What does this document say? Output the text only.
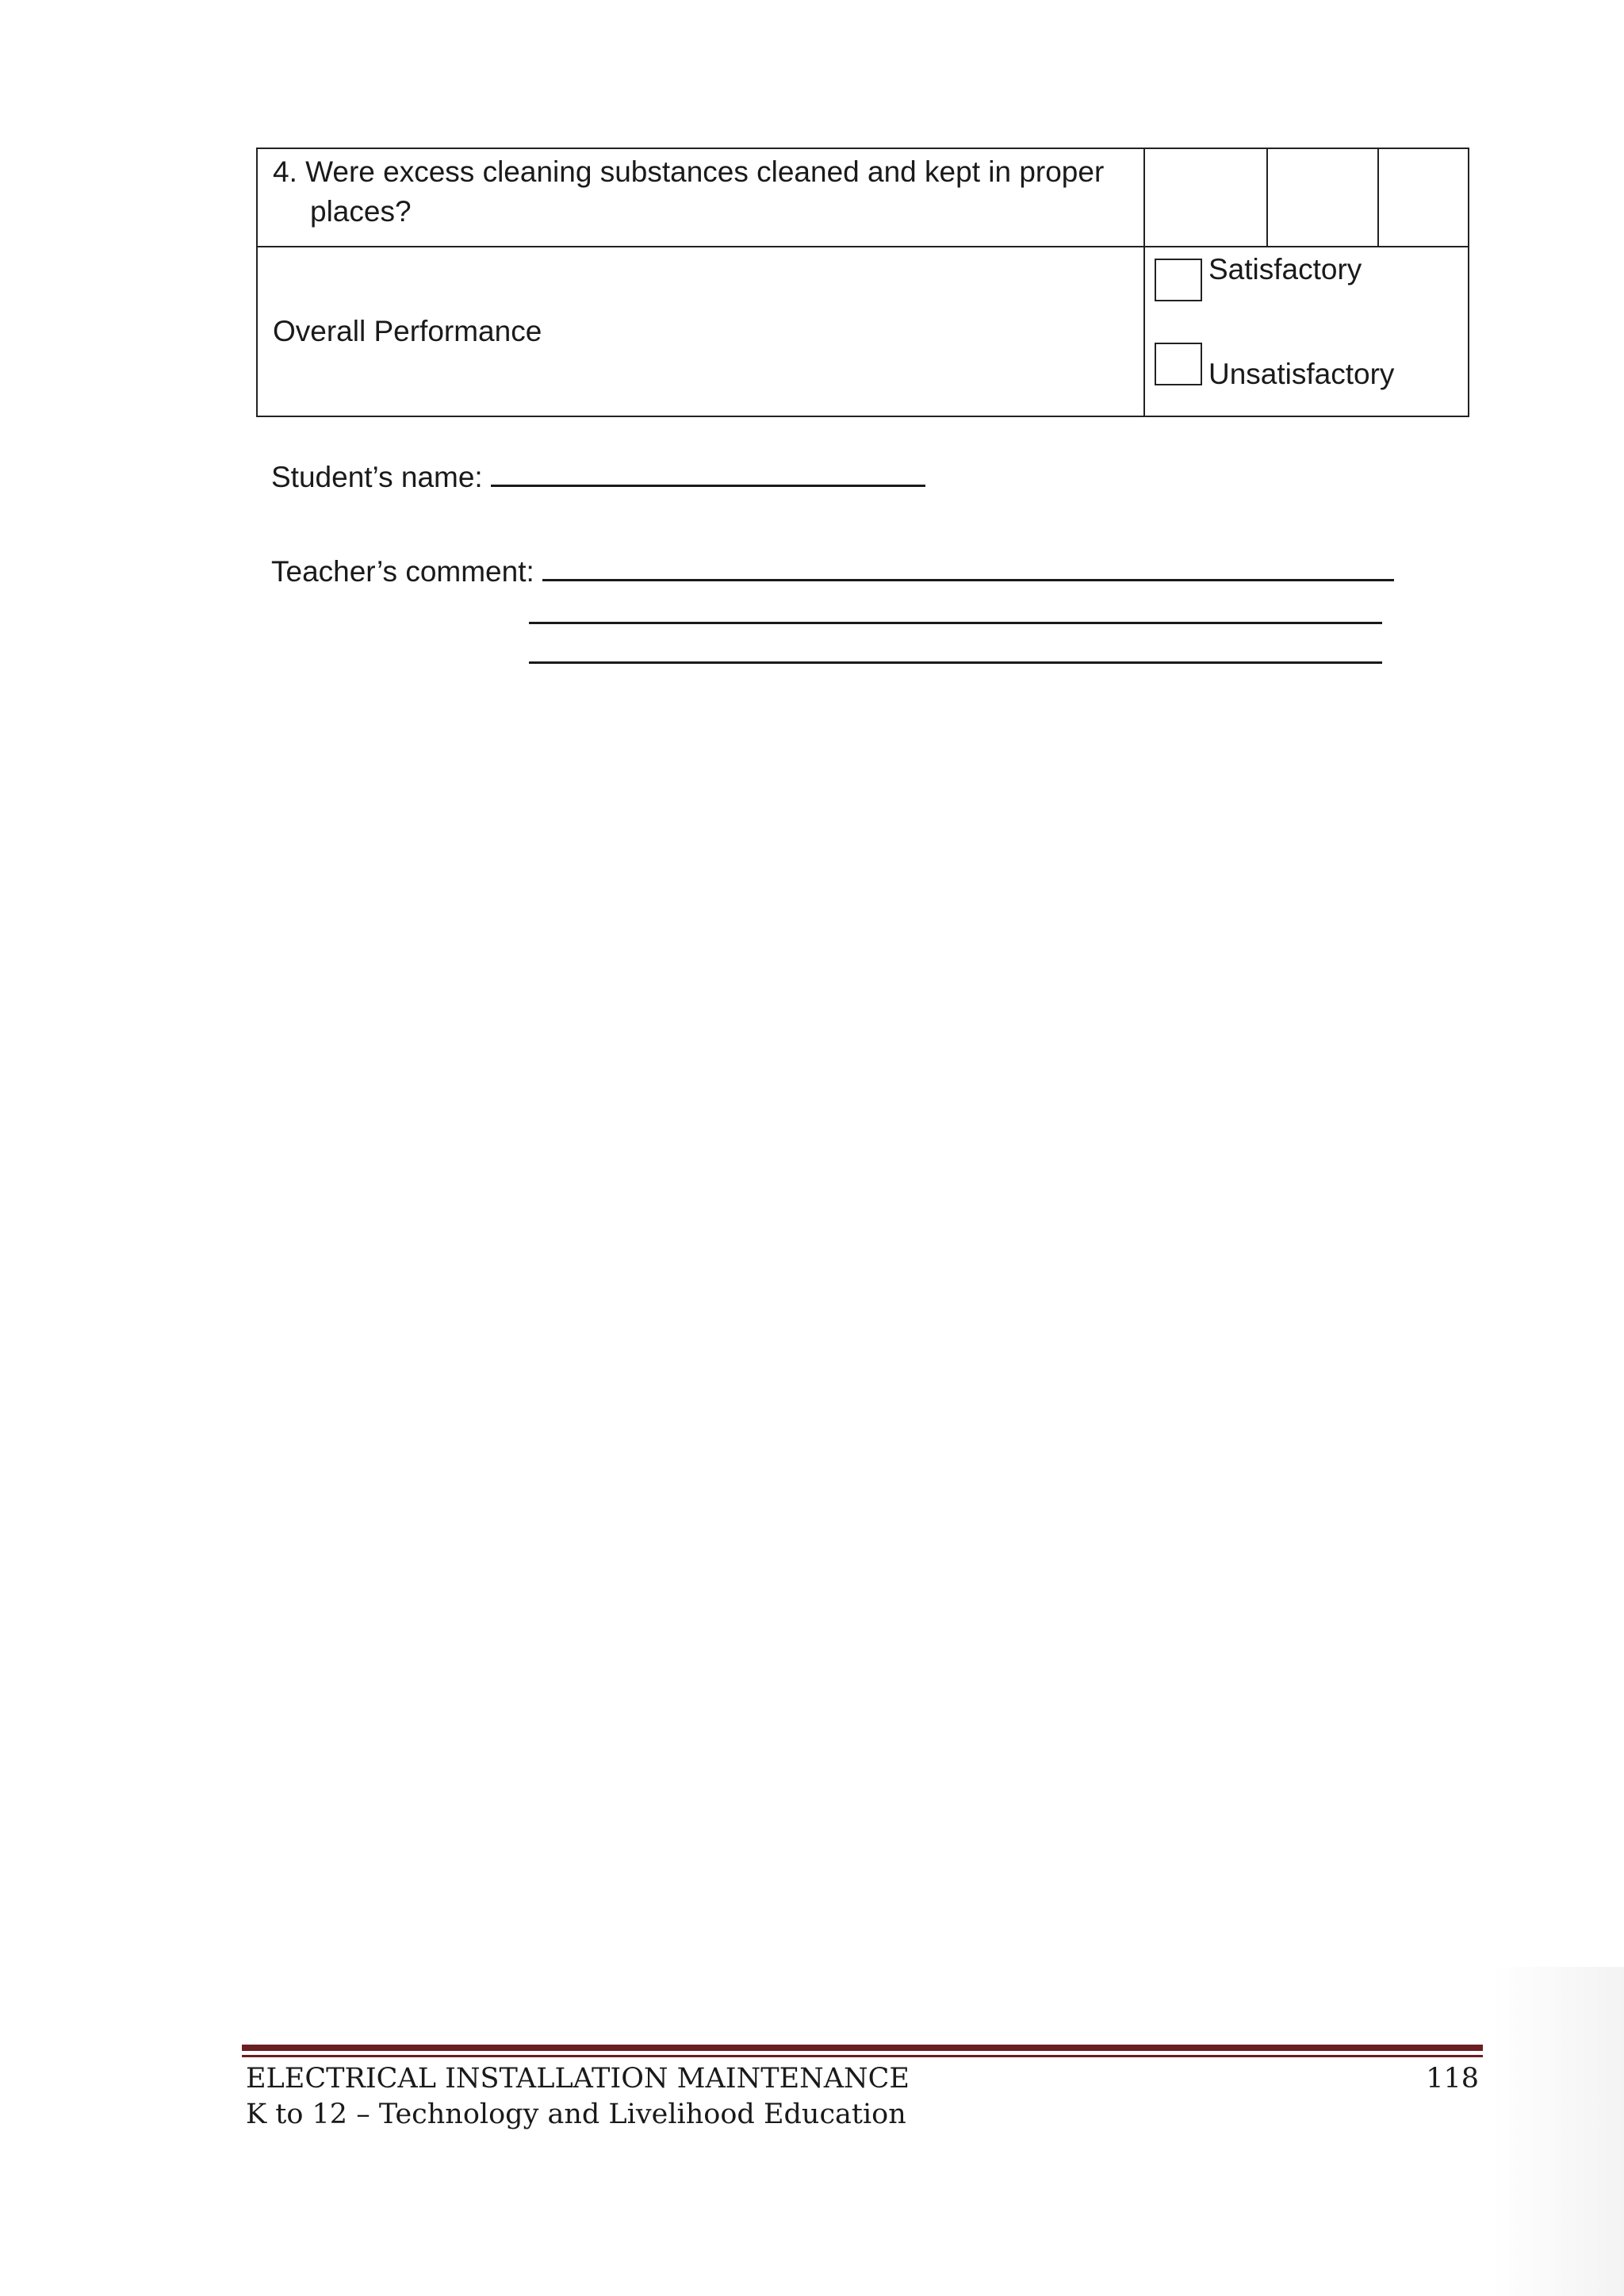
4. Were excess cleaning substances cleaned and kept in proper
places?			

Overall Performance	Satisfactory
Unsatisfactory		
Student’s name:
Teacher’s comment:
ELECTRICAL INSTALLATION MAINTENANCE
K to 12 – Technology and Livelihood Education
118
